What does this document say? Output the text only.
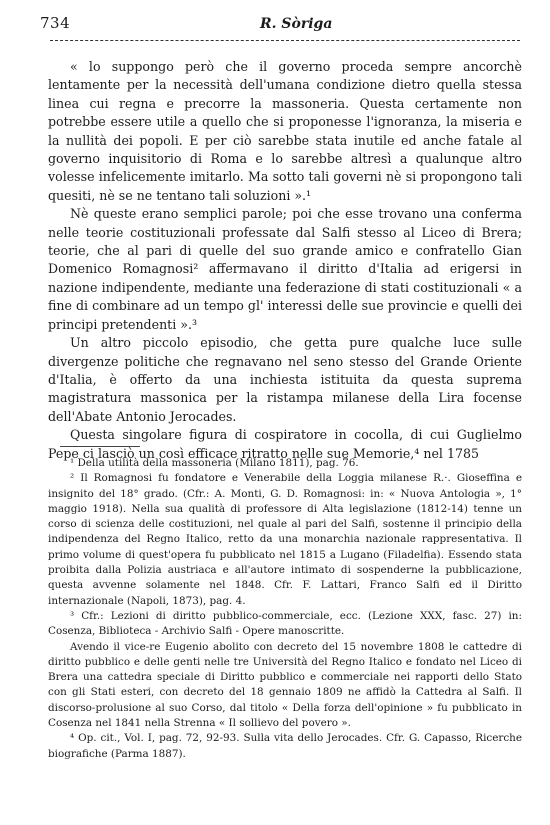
734	R. Sòriga

« lo suppongo però che il governo proceda sempre ancorchè lentamente per la necessità dell'umana condizione dietro quella stessa linea cui regna e precorre la massoneria. Questa certamente non potrebbe essere utile a quello che si proponesse l'ignoranza, la miseria e la nullità dei popoli. E per ciò sarebbe stata inutile ed anche fatale al governo inquisitorio di Roma e lo sarebbe altresì a qualunque altro volesse infelicemente imitarlo. Ma sotto tali governi nè si propongono tali quesiti, nè se ne tentano tali soluzioni ».¹

Nè queste erano semplici parole; poi che esse trovano una conferma nelle teorie costituzionali professate dal Salfi stesso al Liceo di Brera; teorie, che al pari di quelle del suo grande amico e confratello Gian Domenico Romagnosi² affermavano il diritto d'Italia ad erigersi in nazione indipendente, mediante una federazione di stati costituzionali « a fine di combinare ad un tempo gl' interessi delle sue provincie e quelli dei principi pretendenti ».³

Un altro piccolo episodio, che getta pure qualche luce sulle divergenze politiche che regnavano nel seno stesso del Grande Oriente d'Italia, è offerto da una inchiesta istituita da questa suprema magistratura massonica per la ristampa milanese della Lira focense dell'Abate Antonio Jerocades.

Questa singolare figura di cospiratore in cocolla, di cui Guglielmo Pepe ci lasciò un così efficace ritratto nelle sue Memorie,⁴ nel 1785

¹ Della utilità della massoneria (Milano 1811), pag. 76.

² Il Romagnosi fu fondatore e Venerabile della Loggia milanese R.·. Gioseffina e insignito del 18° grado. (Cfr.: A. Monti, G. D. Romagnosi: in: « Nuova Antologia », 1° maggio 1918). Nella sua qualità di professore di Alta legislazione (1812-14) tenne un corso di scienza delle costituzioni, nel quale al pari del Salfi, sostenne il principio della indipendenza del Regno Italico, retto da una monarchia nazionale rappresentativa. Il primo volume di quest'opera fu pubblicato nel 1815 a Lugano (Filadelfia). Essendo stata proibita dalla Polizia austriaca e all'autore intimato di sospenderne la pubblicazione, questa avvenne solamente nel 1848. Cfr. F. Lattari, Franco Salfi ed il Diritto internazionale (Napoli, 1873), pag. 4.

³ Cfr.: Lezioni di diritto pubblico-commerciale, ecc. (Lezione XXX, fasc. 27) in: Cosenza, Biblioteca - Archivio Salfi - Opere manoscritte.

Avendo il vice-re Eugenio abolito con decreto del 15 novembre 1808 le cattedre di diritto pubblico e delle genti nelle tre Università del Regno Italico e fondato nel Liceo di Brera una cattedra speciale di Diritto pubblico e commerciale nei rapporti dello Stato con gli Stati esteri, con decreto del 18 gennaio 1809 ne affidò la Cattedra al Salfi. Il discorso-prolusione al suo Corso, dal titolo « Della forza dell'opinione » fu pubblicato in Cosenza nel 1841 nella Strenna « Il sollievo del povero ».

⁴ Op. cit., Vol. I, pag. 72, 92-93. Sulla vita dello Jerocades. Cfr. G. Capasso, Ricerche biografiche (Parma 1887).
